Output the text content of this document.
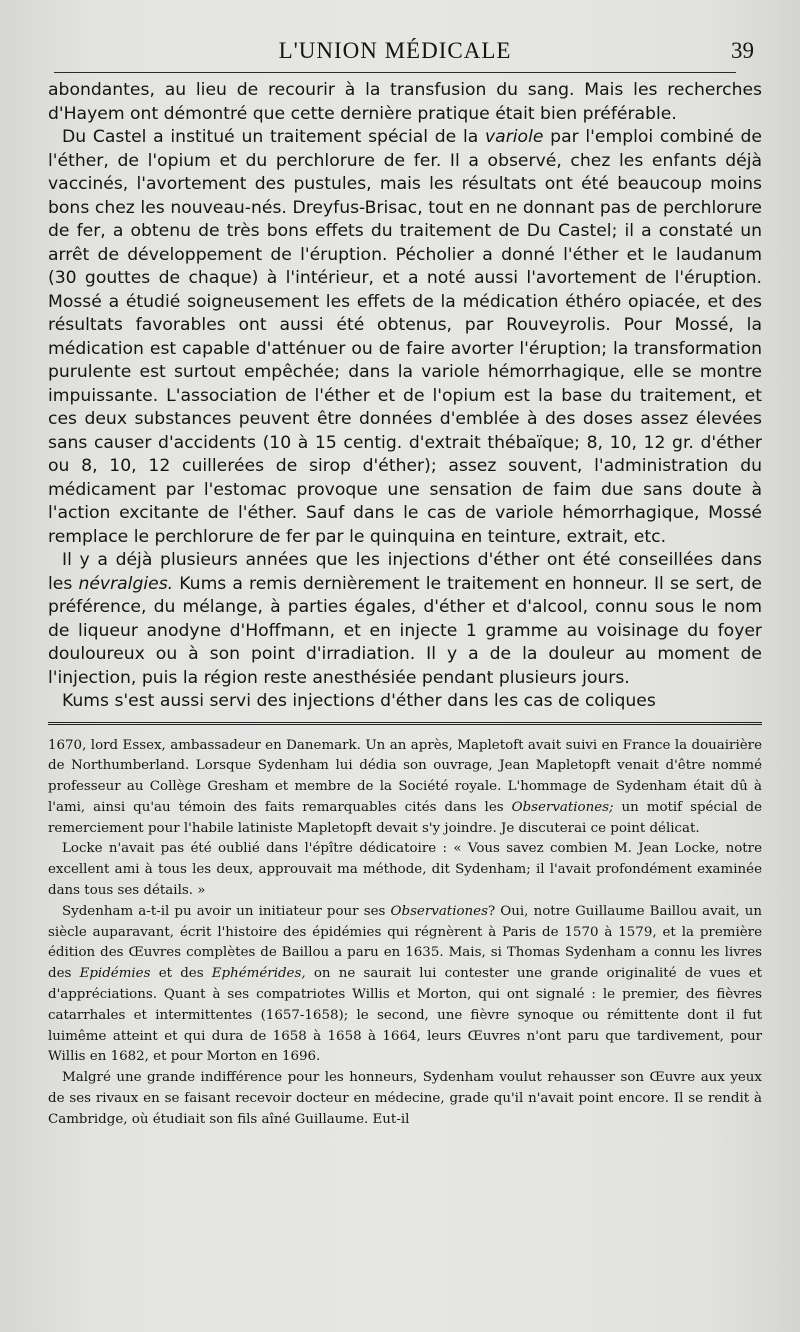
L'UNION MÉDICALE	39

abondantes, au lieu de recourir à la transfusion du sang. Mais les recherches d'Hayem ont démontré que cette dernière pratique était bien préférable.

Du Castel a institué un traitement spécial de la variole par l'emploi combiné de l'éther, de l'opium et du perchlorure de fer. Il a observé, chez les enfants déjà vaccinés, l'avortement des pustules, mais les résultats ont été beaucoup moins bons chez les nouveau-nés. Dreyfus-Brisac, tout en ne donnant pas de perchlorure de fer, a obtenu de très bons effets du traitement de Du Castel; il a constaté un arrêt de développement de l'éruption. Pécholier a donné l'éther et le laudanum (30 gouttes de chaque) à l'intérieur, et a noté aussi l'avortement de l'éruption. Mossé a étudié soigneusement les effets de la médication éthéro opiacée, et des résultats favorables ont aussi été obtenus, par Rouveyrolis. Pour Mossé, la médication est capable d'atténuer ou de faire avorter l'éruption; la transformation purulente est surtout empêchée; dans la variole hémorrhagique, elle se montre impuissante. L'association de l'éther et de l'opium est la base du traitement, et ces deux substances peuvent être données d'emblée à des doses assez élevées sans causer d'accidents (10 à 15 centig. d'extrait thébaïque; 8, 10, 12 gr. d'éther ou 8, 10, 12 cuillerées de sirop d'éther); assez souvent, l'administration du médicament par l'estomac provoque une sensation de faim due sans doute à l'action excitante de l'éther. Sauf dans le cas de variole hémorrhagique, Mossé remplace le perchlorure de fer par le quinquina en teinture, extrait, etc.

Il y a déjà plusieurs années que les injections d'éther ont été conseillées dans les névralgies. Kums a remis dernièrement le traitement en honneur. Il se sert, de préférence, du mélange, à parties égales, d'éther et d'alcool, connu sous le nom de liqueur anodyne d'Hoffmann, et en injecte 1 gramme au voisinage du foyer douloureux ou à son point d'irradiation. Il y a de la douleur au moment de l'injection, puis la région reste anesthésiée pendant plusieurs jours.

Kums s'est aussi servi des injections d'éther dans les cas de coliques

1670, lord Essex, ambassadeur en Danemark. Un an après, Mapletoft avait suivi en France la douairière de Northumberland. Lorsque Sydenham lui dédia son ouvrage, Jean Mapletopft venait d'être nommé professeur au Collège Gresham et membre de la Société royale. L'hommage de Sydenham était dû à l'ami, ainsi qu'au témoin des faits remarquables cités dans les Observationes; un motif spécial de remerciement pour l'habile latiniste Mapletopft devait s'y joindre. Je discuterai ce point délicat.

Locke n'avait pas été oublié dans l'épître dédicatoire : « Vous savez combien M. Jean Locke, notre excellent ami à tous les deux, approuvait ma méthode, dit Sydenham; il l'avait profondément examinée dans tous ses détails. »

Sydenham a-t-il pu avoir un initiateur pour ses Observationes? Oui, notre Guillaume Baillou avait, un siècle auparavant, écrit l'histoire des épidémies qui régnèrent à Paris de 1570 à 1579, et la première édition des Œuvres complètes de Baillou a paru en 1635. Mais, si Thomas Sydenham a connu les livres des Epidémies et des Ephémérides, on ne saurait lui contester une grande originalité de vues et d'appréciations. Quant à ses compatriotes Willis et Morton, qui ont signalé : le premier, des fièvres catarrhales et intermittentes (1657-1658); le second, une fièvre synoque ou rémittente dont il fut luimême atteint et qui dura de 1658 à 1658 à 1664, leurs Œuvres n'ont paru que tardivement, pour Willis en 1682, et pour Morton en 1696.

Malgré une grande indifférence pour les honneurs, Sydenham voulut rehausser son Œuvre aux yeux de ses rivaux en se faisant recevoir docteur en médecine, grade qu'il n'avait point encore. Il se rendit à Cambridge, où étudiait son fils aîné Guillaume. Eut-il
